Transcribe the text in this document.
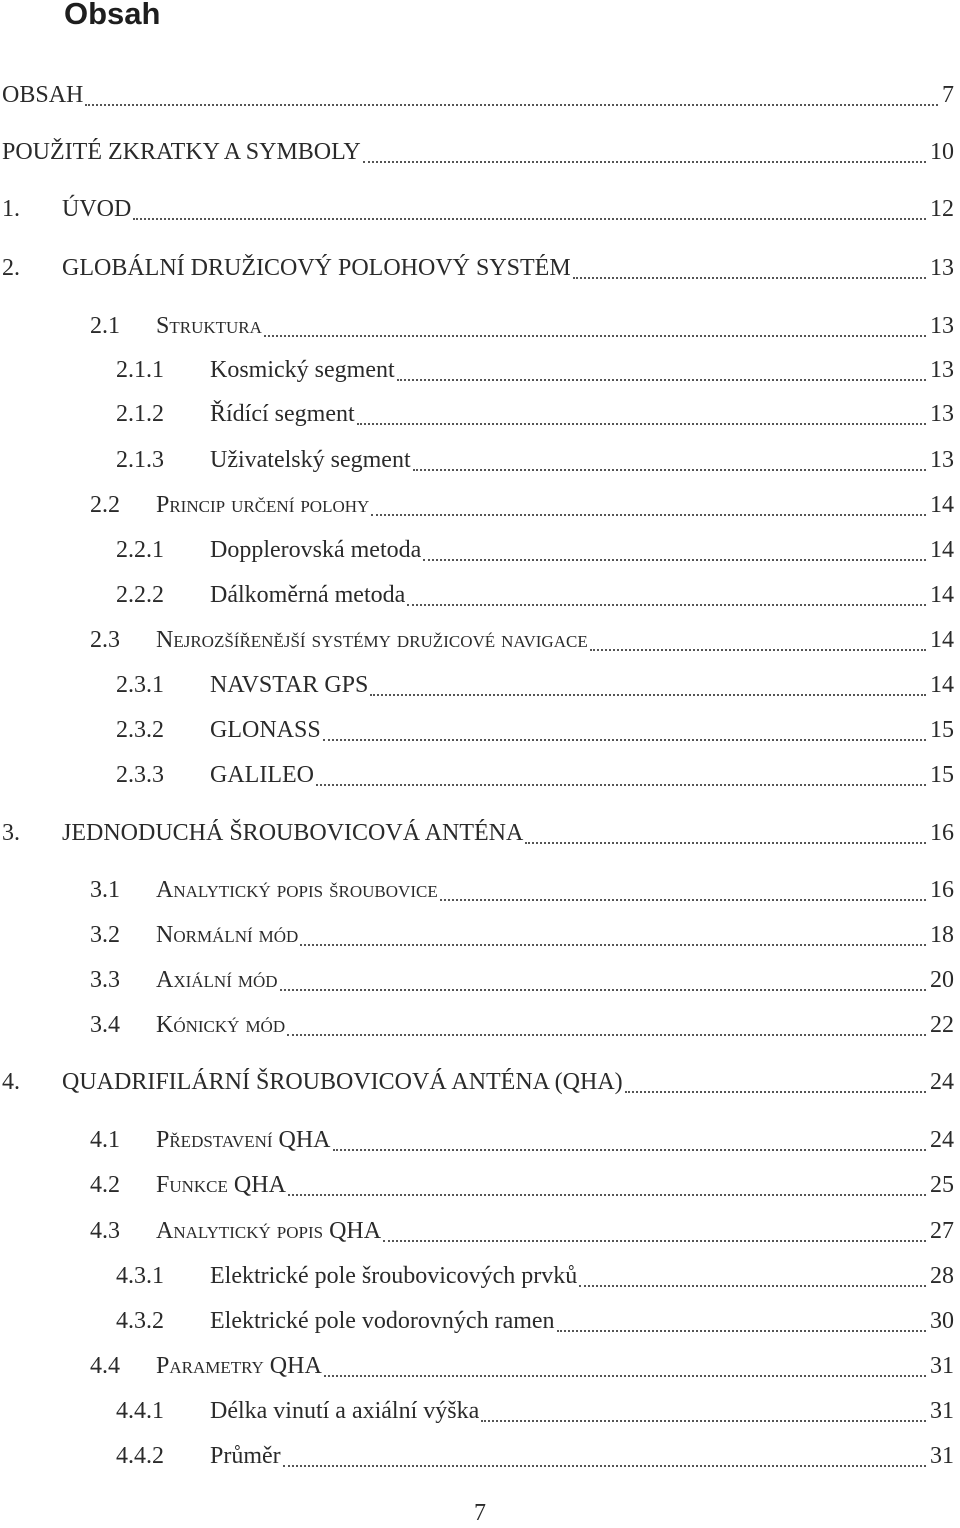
Obsah
OBSAH	7
POUŽITÉ ZKRATKY A SYMBOLY	10
1. ÚVOD	12
2. GLOBÁLNÍ DRUŽICOVÝ POLOHOVÝ SYSTÉM	13
2.1 Struktura	13
2.1.1 Kosmický segment	13
2.1.2 Řídící segment	13
2.1.3 Uživatelský segment	13
2.2 Princip určení polohy	14
2.2.1 Dopplerovská metoda	14
2.2.2 Dálkoměrná metoda	14
2.3 Nejrozšířenější systémy družicové navigace	14
2.3.1 NAVSTAR GPS	14
2.3.2 GLONASS	15
2.3.3 GALILEO	15
3. JEDNODUCHÁ ŠROUBOVICOVÁ ANTÉNA	16
3.1 Analytický popis šroubovice	16
3.2 Normální mód	18
3.3 Axiální mód	20
3.4 Kónický mód	22
4. QUADRIFILÁRNÍ ŠROUBOVICOVÁ ANTÉNA (QHA)	24
4.1 Představení QHA	24
4.2 Funkce QHA	25
4.3 Analytický popis QHA	27
4.3.1 Elektrické pole šroubovicových prvků	28
4.3.2 Elektrické pole vodorovných ramen	30
4.4 Parametry QHA	31
4.4.1 Délka vinutí a axiální výška	31
4.4.2 Průměr	31
7
